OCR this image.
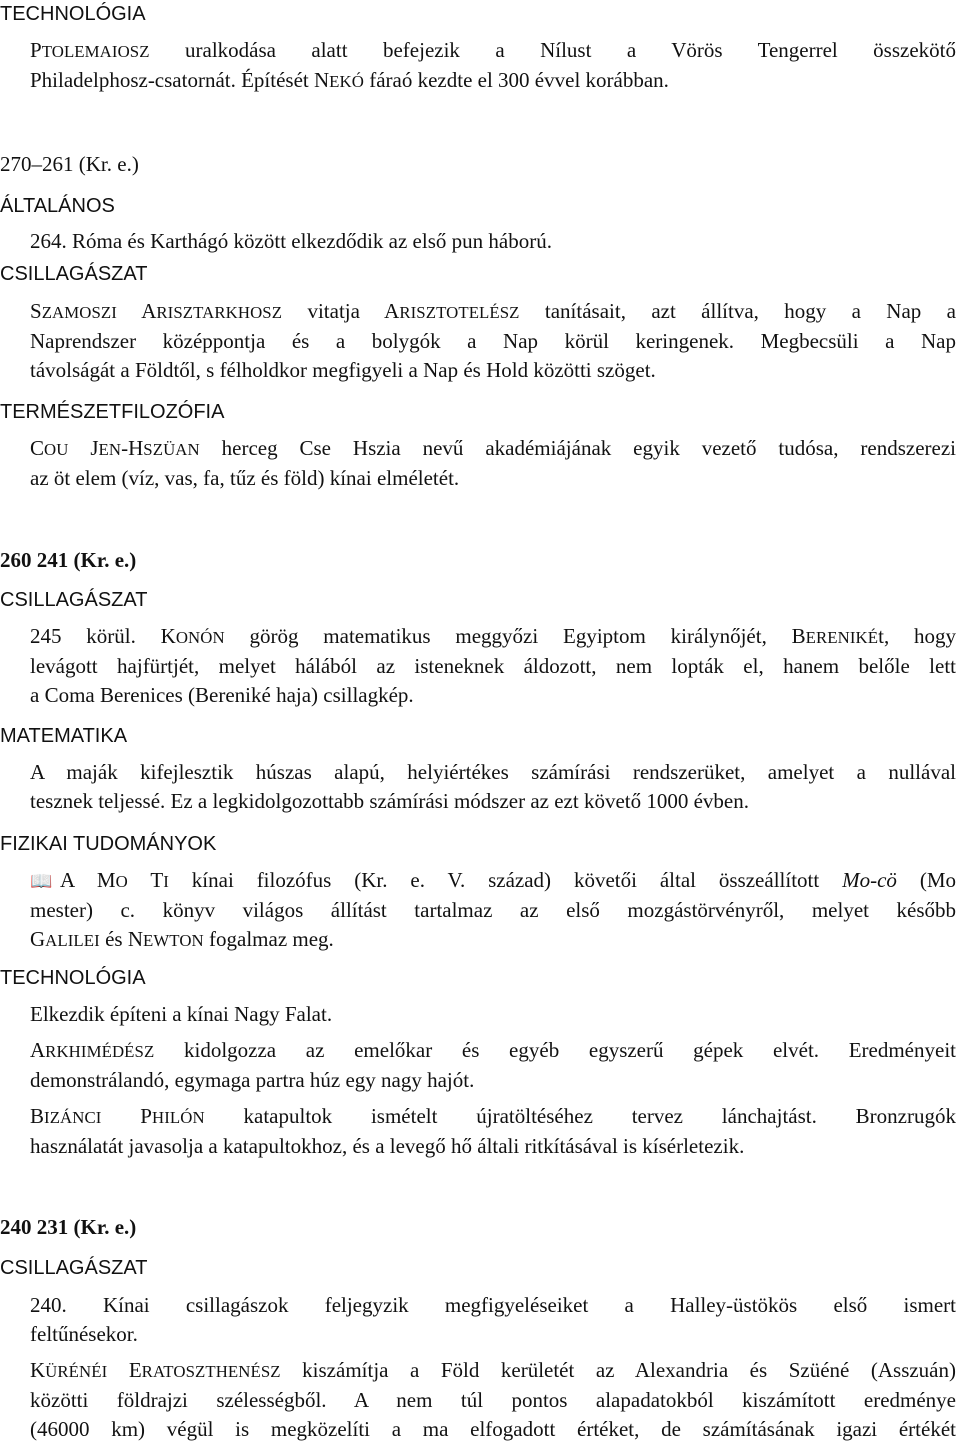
TECHNOLÓGIA
PTOLEMAIOSZ uralkodása alatt befejezik a Nílust a Vörös Tengerrel összekötő
Philadelphosz-csatornát. Építését NEKÓ fáraó kezdte el 300 évvel korábban.
270–261 (Kr. e.)
ÁLTALÁNOS
264. Róma és Karthágó között elkezdődik az első pun háború.
CSILLAGÁSZAT
SZAMOSZI ARISZTARKHOSZ vitatja ARISZTOTELÉSZ tanításait, azt állítva, hogy a Nap a
Naprendszer középpontja és a bolygók a Nap körül keringenek. Megbecsüli a Nap
távolságát a Földtől, s félholdkor megfigyeli a Nap és Hold közötti szöget.
TERMÉSZETFILOZÓFIA
COU JEN-HSZÜAN herceg Cse Hszia nevű akadémiájának egyik vezető tudósa, rendszerezi
az öt elem (víz, vas, fa, tűz és föld) kínai elméletét.
260 241 (Kr. e.)
CSILLAGÁSZAT
245 körül. KONÓN görög matematikus meggyőzi Egyiptom királynőjét, BERENIKÉt, hogy
levágott hajfürtjét, melyet hálából az isteneknek áldozott, nem lopták el, hanem belőle lett
a Coma Berenices (Bereniké haja) csillagkép.
MATEMATIKA
A maják kifejlesztik húszas alapú, helyiértékes számírási rendszerüket, amelyet a nullával
tesznek teljessé. Ez a legkidolgozottabb számírási módszer az ezt követő 1000 évben.
FIZIKAI TUDOMÁNYOK
📖 A MO TI kínai filozófus (Kr. e. V. század) követői által összeállított Mo-cö (Mo
mester) c. könyv világos állítást tartalmaz az első mozgástörvényről, melyet később
GALILEI és NEWTON fogalmaz meg.
TECHNOLÓGIA
Elkezdik építeni a kínai Nagy Falat.
ARKHIMÉDÉSZ kidolgozza az emelőkar és egyéb egyszerű gépek elvét. Eredményeit
demonstrálandó, egymaga partra húz egy nagy hajót.
BIZÁNCI PHILÓN katapultok ismételt újratöltéséhez tervez lánchajtást. Bronzrugók
használatát javasolja a katapultokhoz, és a levegő hő általi ritkításával is kísérletezik.
240 231 (Kr. e.)
CSILLAGÁSZAT
240. Kínai csillagászok feljegyzik megfigyeléseiket a Halley-üstökös első ismert
feltűnésekor.
KÜRÉNÉI ERATOSZTHENÉSZ kiszámítja a Föld kerületét az Alexandria és Szüéné (Asszuán)
közötti földrajzi szélességből. A nem túl pontos alapadatokból kiszámított eredménye
(46000 km) végül is megközelíti a ma elfogadott értéket, de számításának igazi értékét
